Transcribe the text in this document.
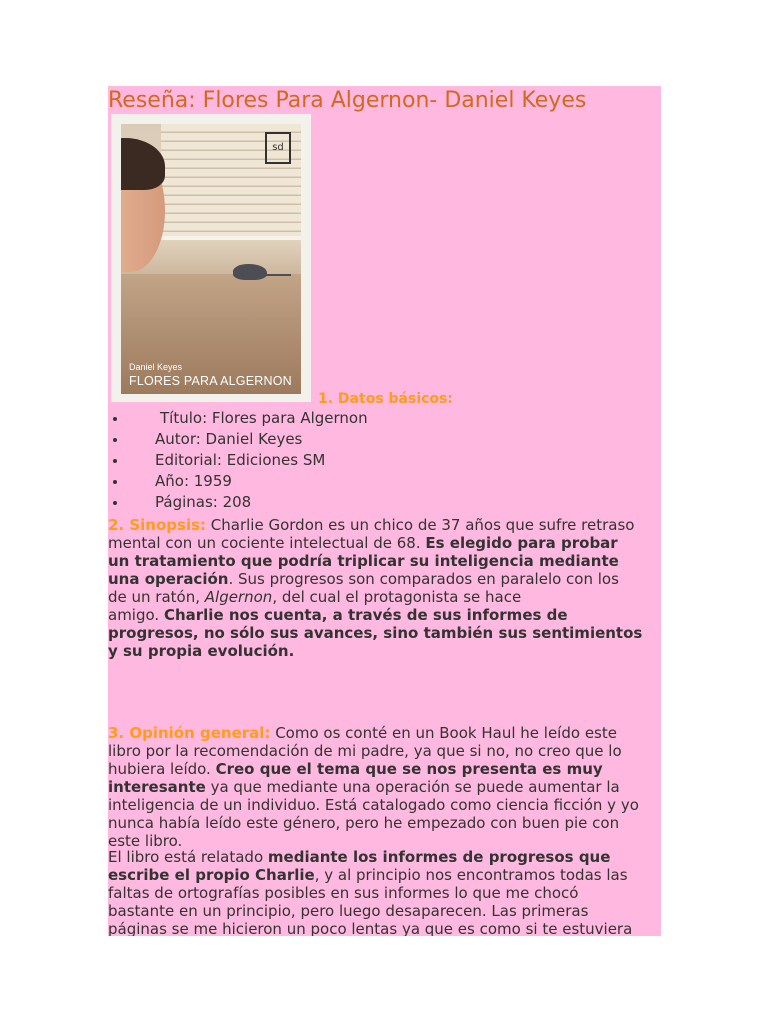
Reseña: Flores Para Algernon- Daniel Keyes
sd
Daniel Keyes
FLORES PARA ALGERNON
1. Datos básicos:
Título: Flores para Algernon
Autor: Daniel Keyes
Editorial: Ediciones SM
Año: 1959
Páginas: 208
2. Sinopsis: Charlie Gordon es un chico de 37 años que sufre retraso
mental con un cociente intelectual de 68. Es elegido para probar
un tratamiento que podría triplicar su inteligencia mediante
una operación. Sus progresos son comparados en paralelo con los
de un ratón, Algernon, del cual el protagonista se hace
amigo. Charlie nos cuenta, a través de sus informes de
progresos, no sólo sus avances, sino también sus sentimientos
y su propia evolución.
3. Opinión general: Como os conté en un Book Haul he leído este
libro por la recomendación de mi padre, ya que si no, no creo que lo
hubiera leído. Creo que el tema que se nos presenta es muy
interesante ya que mediante una operación se puede aumentar la
inteligencia de un individuo. Está catalogado como ciencia ficción y yo
nunca había leído este género, pero he empezado con buen pie con
este libro.
El libro está relatado mediante los informes de progresos que
escribe el propio Charlie, y al principio nos encontramos todas las
faltas de ortografías posibles en sus informes lo que me chocó
bastante en un principio, pero luego desaparecen. Las primeras
páginas se me hicieron un poco lentas ya que es como si te estuviera
